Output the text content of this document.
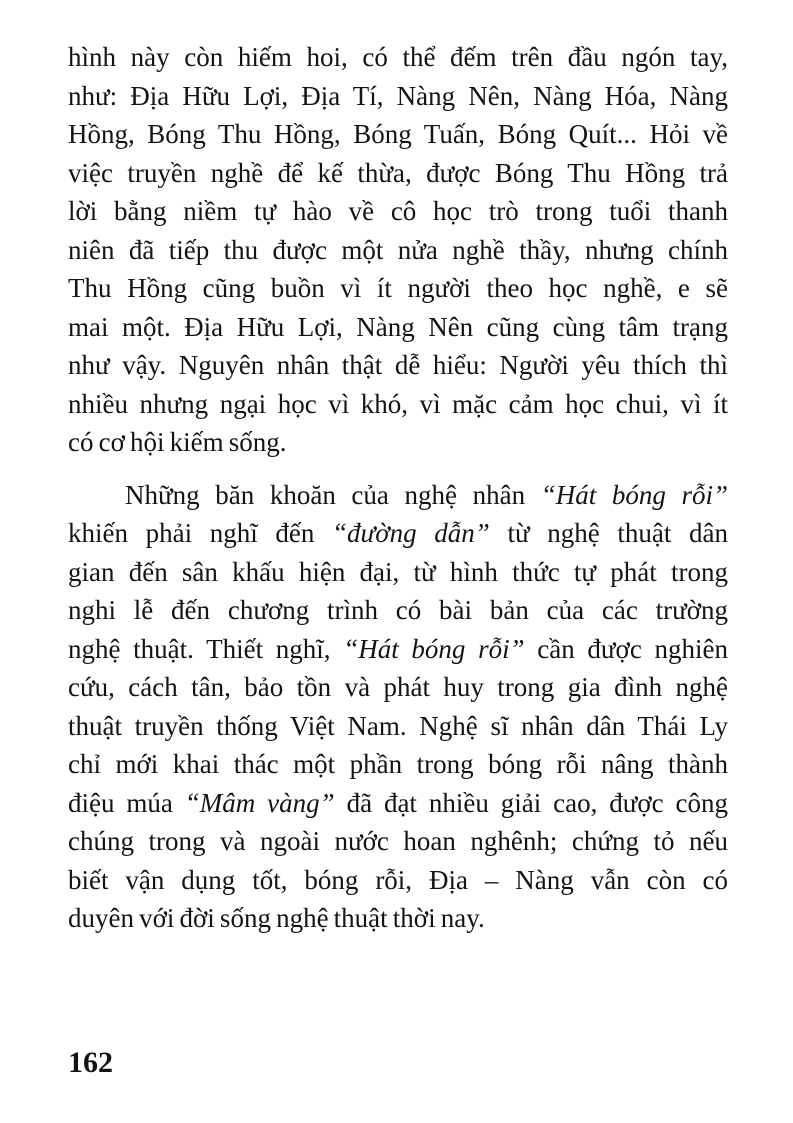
hình này còn hiếm hoi, có thể đếm trên đầu ngón tay,
như: Địa Hữu Lợi, Địa Tí, Nàng Nên, Nàng Hóa, Nàng
Hồng, Bóng Thu Hồng, Bóng Tuấn, Bóng Quít... Hỏi về
việc truyền nghề để kế thừa, được Bóng Thu Hồng trả
lời bằng niềm tự hào về cô học trò trong tuổi thanh
niên đã tiếp thu được một nửa nghề thầy, nhưng chính
Thu Hồng cũng buồn vì ít người theo học nghề, e sẽ
mai một. Địa Hữu Lợi, Nàng Nên cũng cùng tâm trạng
như vậy. Nguyên nhân thật dễ hiểu: Người yêu thích thì
nhiều nhưng ngại học vì khó, vì mặc cảm học chui, vì ít
có cơ hội kiếm sống.
Những băn khoăn của nghệ nhân “Hát bóng rỗi”
khiến phải nghĩ đến “đường dẫn” từ nghệ thuật dân
gian đến sân khấu hiện đại, từ hình thức tự phát trong
nghi lễ đến chương trình có bài bản của các trường
nghệ thuật. Thiết nghĩ, “Hát bóng rỗi” cần được nghiên
cứu, cách tân, bảo tồn và phát huy trong gia đình nghệ
thuật truyền thống Việt Nam. Nghệ sĩ nhân dân Thái Ly
chỉ mới khai thác một phần trong bóng rỗi nâng thành
điệu múa “Mâm vàng” đã đạt nhiều giải cao, được công
chúng trong và ngoài nước hoan nghênh; chứng tỏ nếu
biết vận dụng tốt, bóng rỗi, Địa – Nàng vẫn còn có
duyên với đời sống nghệ thuật thời nay.
162
